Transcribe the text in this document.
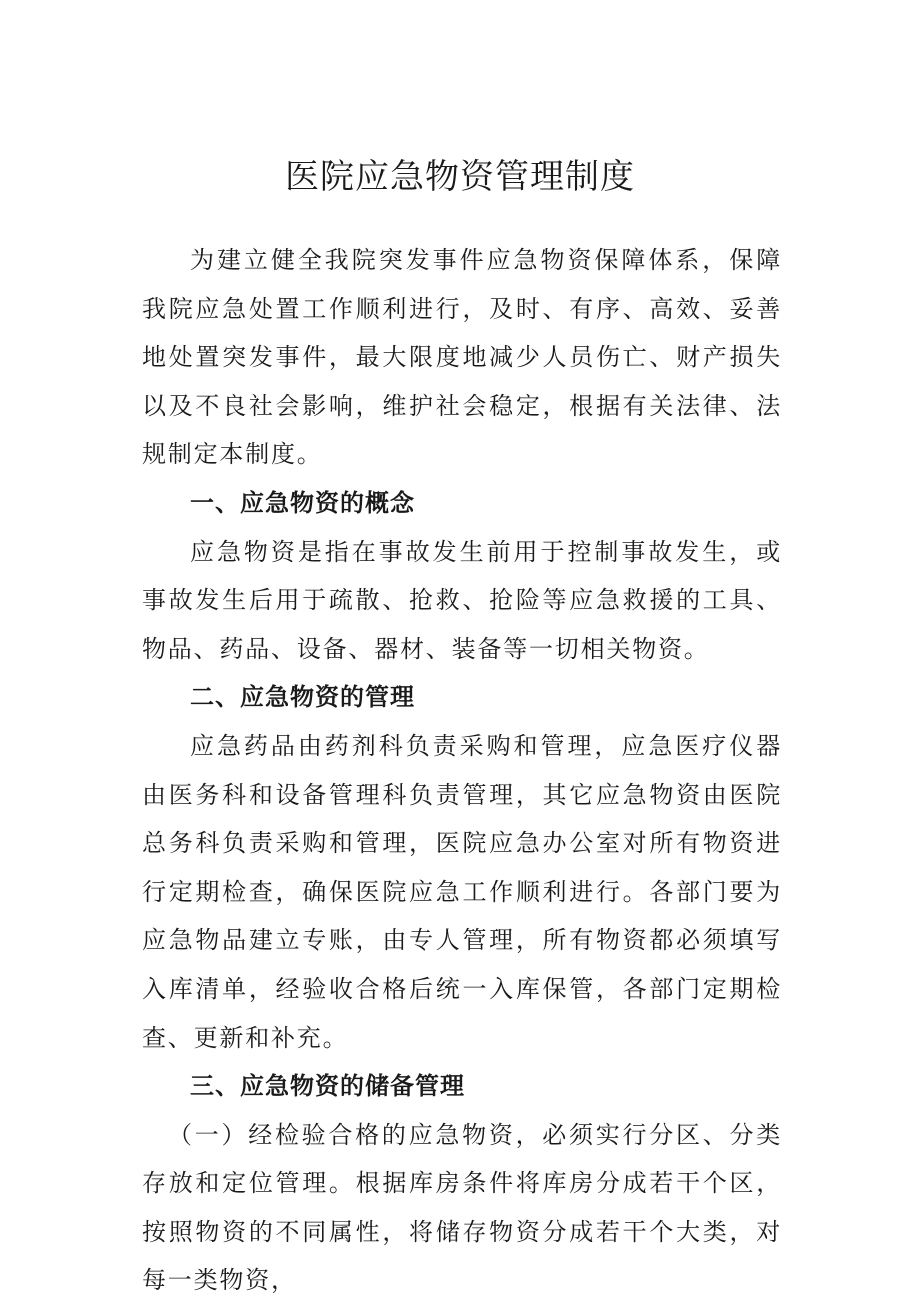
医院应急物资管理制度

为建立健全我院突发事件应急物资保障体系，保障我院应急处置工作顺利进行，及时、有序、高效、妥善地处置突发事件，最大限度地减少人员伤亡、财产损失以及不良社会影响，维护社会稳定，根据有关法律、法规制定本制度。

一、应急物资的概念

应急物资是指在事故发生前用于控制事故发生，或事故发生后用于疏散、抢救、抢险等应急救援的工具、物品、药品、设备、器材、装备等一切相关物资。

二、应急物资的管理

应急药品由药剂科负责采购和管理，应急医疗仪器由医务科和设备管理科负责管理，其它应急物资由医院总务科负责采购和管理，医院应急办公室对所有物资进行定期检查，确保医院应急工作顺利进行。各部门要为应急物品建立专账，由专人管理，所有物资都必须填写入库清单，经验收合格后统一入库保管，各部门定期检查、更新和补充。

三、应急物资的储备管理

（一）经检验合格的应急物资，必须实行分区、分类存放和定位管理。根据库房条件将库房分成若干个区，按照物资的不同属性，将储存物资分成若干个大类，对每一类物资，
